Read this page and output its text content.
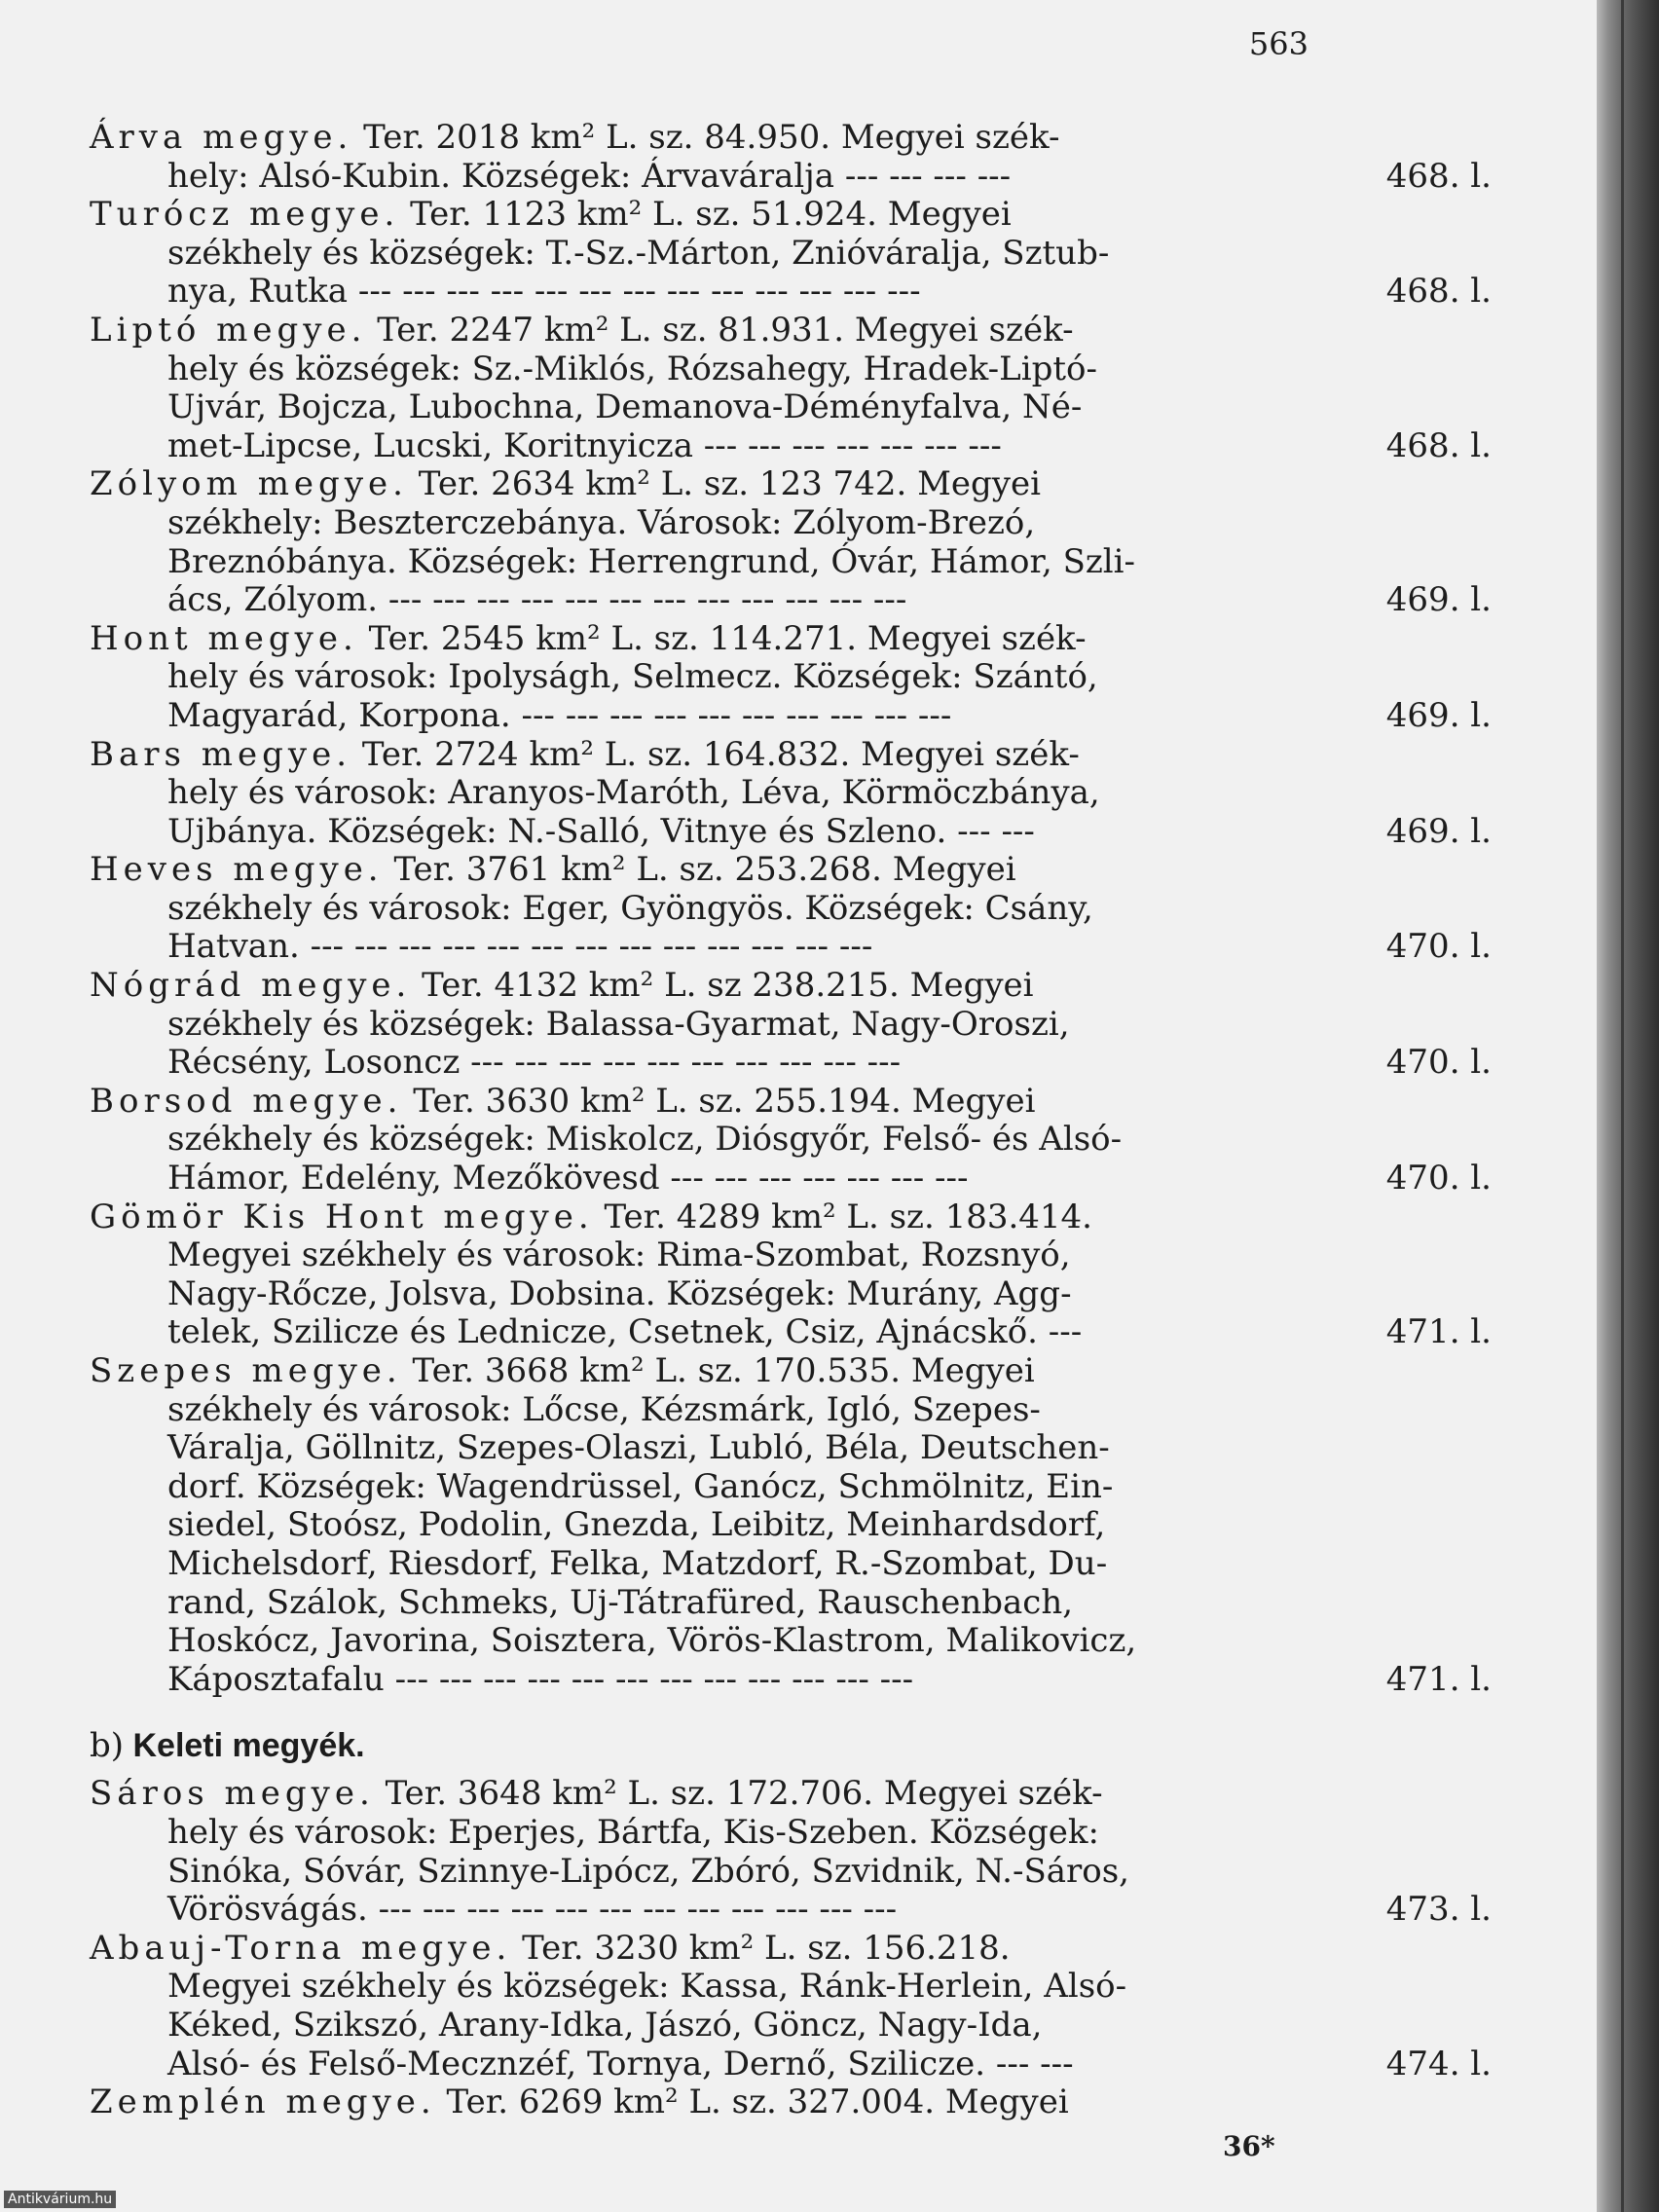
563
Árva megye. Ter. 2018 km² L. sz. 84.950. Megyei szék-
hely: Alsó-Kubin. Községek: Árvaváralja --- --- --- ---	468. l.
Turócz megye. Ter. 1123 km² L. sz. 51.924. Megyei
székhely és községek: T.-Sz.-Márton, Znióváralja, Sztub-
nya, Rutka --- --- --- --- --- --- --- --- --- --- --- --- ---	468. l.
Liptó megye. Ter. 2247 km² L. sz. 81.931. Megyei szék-
hely és községek: Sz.-Miklós, Rózsahegy, Hradek-Liptó-
Ujvár, Bojcza, Lubochna, Demanova-Déményfalva, Né-
met-Lipcse, Lucski, Koritnyicza --- --- --- --- --- --- ---	468. l.
Zólyom megye. Ter. 2634 km² L. sz. 123 742. Megyei
székhely: Beszterczebánya. Városok: Zólyom-Brezó,
Breznóbánya. Községek: Herrengrund, Óvár, Hámor, Szli-
ács, Zólyom. --- --- --- --- --- --- --- --- --- --- --- ---	469. l.
Hont megye. Ter. 2545 km² L. sz. 114.271. Megyei szék-
hely és városok: Ipolyságh, Selmecz. Községek: Szántó,
Magyarád, Korpona. --- --- --- --- --- --- --- --- --- ---	469. l.
Bars megye. Ter. 2724 km² L. sz. 164.832. Megyei szék-
hely és városok: Aranyos-Maróth, Léva, Körmöczbánya,
Ujbánya. Községek: N.-Salló, Vitnye és Szleno. --- ---	469. l.
Heves megye. Ter. 3761 km² L. sz. 253.268. Megyei
székhely és városok: Eger, Gyöngyös. Községek: Csány,
Hatvan. --- --- --- --- --- --- --- --- --- --- --- --- ---	470. l.
Nógrád megye. Ter. 4132 km² L. sz 238.215. Megyei
székhely és községek: Balassa-Gyarmat, Nagy-Oroszi,
Récsény, Losoncz --- --- --- --- --- --- --- --- --- ---	470. l.
Borsod megye. Ter. 3630 km² L. sz. 255.194. Megyei
székhely és községek: Miskolcz, Diósgyőr, Felső- és Alsó-
Hámor, Edelény, Mezőkövesd --- --- --- --- --- --- ---	470. l.
Gömör Kis Hont megye. Ter. 4289 km² L. sz. 183.414.
Megyei székhely és városok: Rima-Szombat, Rozsnyó,
Nagy-Rőcze, Jolsva, Dobsina. Községek: Murány, Agg-
telek, Szilicze és Lednicze, Csetnek, Csiz, Ajnácskő. ---	471. l.
Szepes megye. Ter. 3668 km² L. sz. 170.535. Megyei
székhely és városok: Lőcse, Kézsmárk, Igló, Szepes-
Váralja, Göllnitz, Szepes-Olaszi, Lubló, Béla, Deutschen-
dorf. Községek: Wagendrüssel, Ganócz, Schmölnitz, Ein-
siedel, Stoósz, Podolin, Gnezda, Leibitz, Meinhardsdorf,
Michelsdorf, Riesdorf, Felka, Matzdorf, R.-Szombat, Du-
rand, Szálok, Schmeks, Uj-Tátrafüred, Rauschenbach,
Hoskócz, Javorina, Soisztera, Vörös-Klastrom, Malikovicz,
Káposztafalu --- --- --- --- --- --- --- --- --- --- --- ---	471. l.
b) Keleti megyék.
Sáros megye. Ter. 3648 km² L. sz. 172.706. Megyei szék-
hely és városok: Eperjes, Bártfa, Kis-Szeben. Községek:
Sinóka, Sóvár, Szinnye-Lipócz, Zbóró, Szvidnik, N.-Sáros,
Vörösvágás. --- --- --- --- --- --- --- --- --- --- --- ---	473. l.
Abauj-Torna megye. Ter. 3230 km² L. sz. 156.218.
Megyei székhely és községek: Kassa, Ránk-Herlein, Alsó-
Kéked, Szikszó, Arany-Idka, Jászó, Göncz, Nagy-Ida,
Alsó- és Felső-Mecznzéf, Tornya, Dernő, Szilicze. --- ---	474. l.
Zemplén megye. Ter. 6269 km² L. sz. 327.004. Megyei
36*
Antikvárium.hu
